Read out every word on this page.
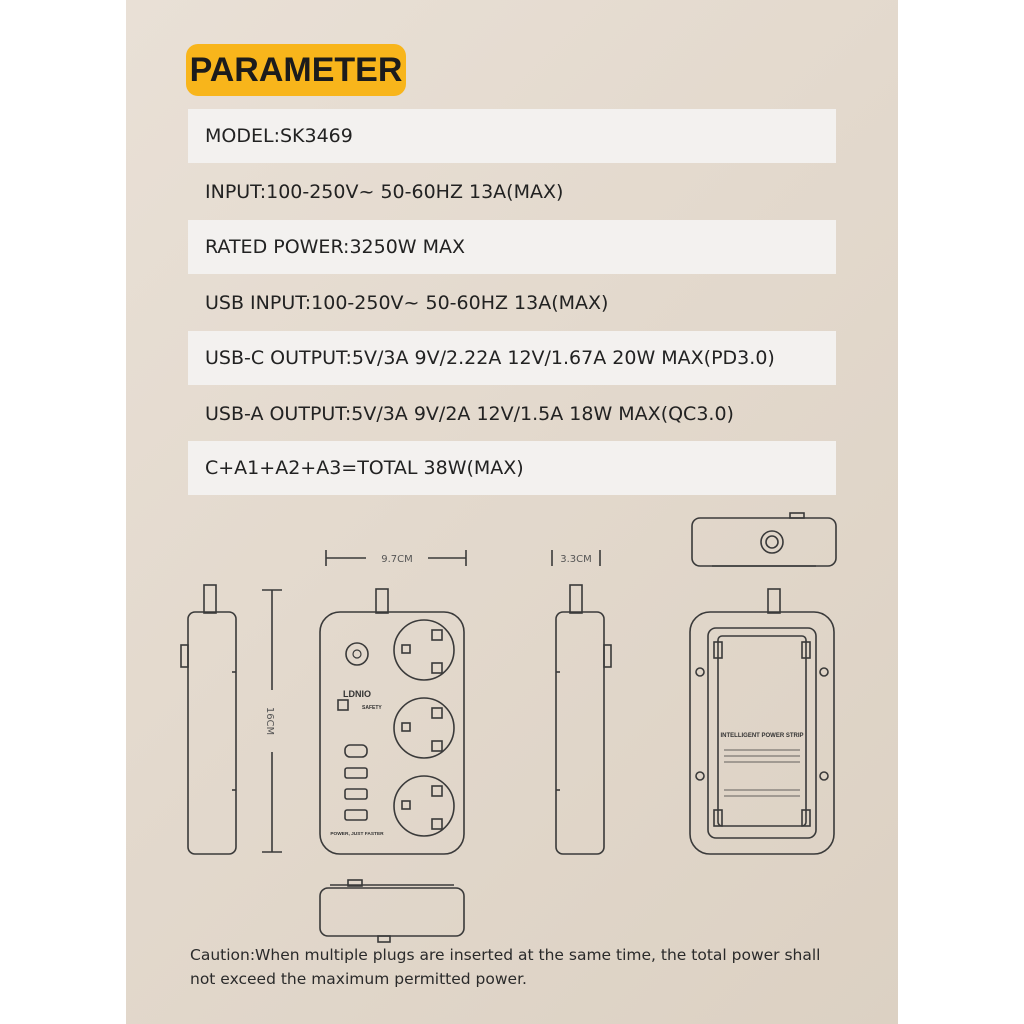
PARAMETER
MODEL:SK3469
INPUT:100-250V~ 50-60HZ 13A(MAX)
RATED POWER:3250W MAX
USB INPUT:100-250V~ 50-60HZ 13A(MAX)
USB-C OUTPUT:5V/3A 9V/2.22A 12V/1.67A 20W MAX(PD3.0)
USB-A OUTPUT:5V/3A 9V/2A 12V/1.5A 18W MAX(QC3.0)
C+A1+A2+A3=TOTAL 38W(MAX)
9.7CM	3.3CM
16CM
LDNIO
SAFETY
POWER, JUST FASTER
INTELLIGENT POWER STRIP
Caution:When multiple plugs are inserted at the same time, the total power shall not exceed the maximum permitted power.
